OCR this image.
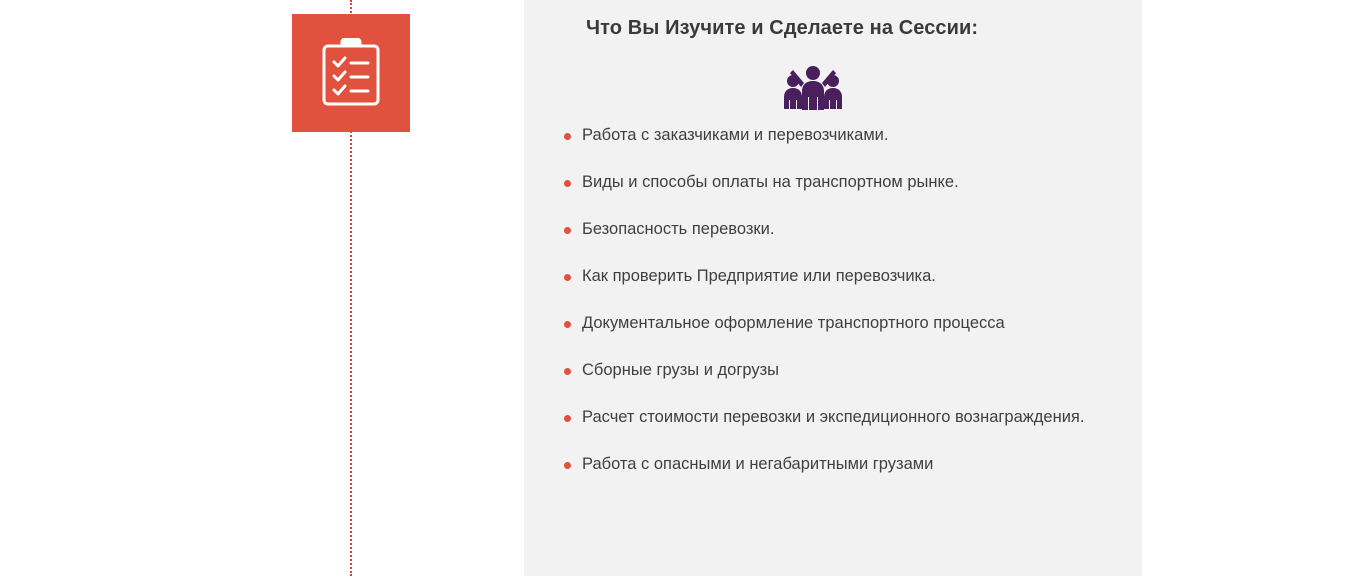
Что Вы Изучите и Сделаете на Сессии:
Работа с заказчиками и перевозчиками.
Виды и способы оплаты на транспортном рынке.
Безопасность перевозки.
Как проверить Предприятие или перевозчика.
Документальное оформление транспортного процесса
Сборные грузы и догрузы
Расчет стоимости перевозки и экспедиционного вознаграждения.
Работа с опасными и негабаритными грузами
